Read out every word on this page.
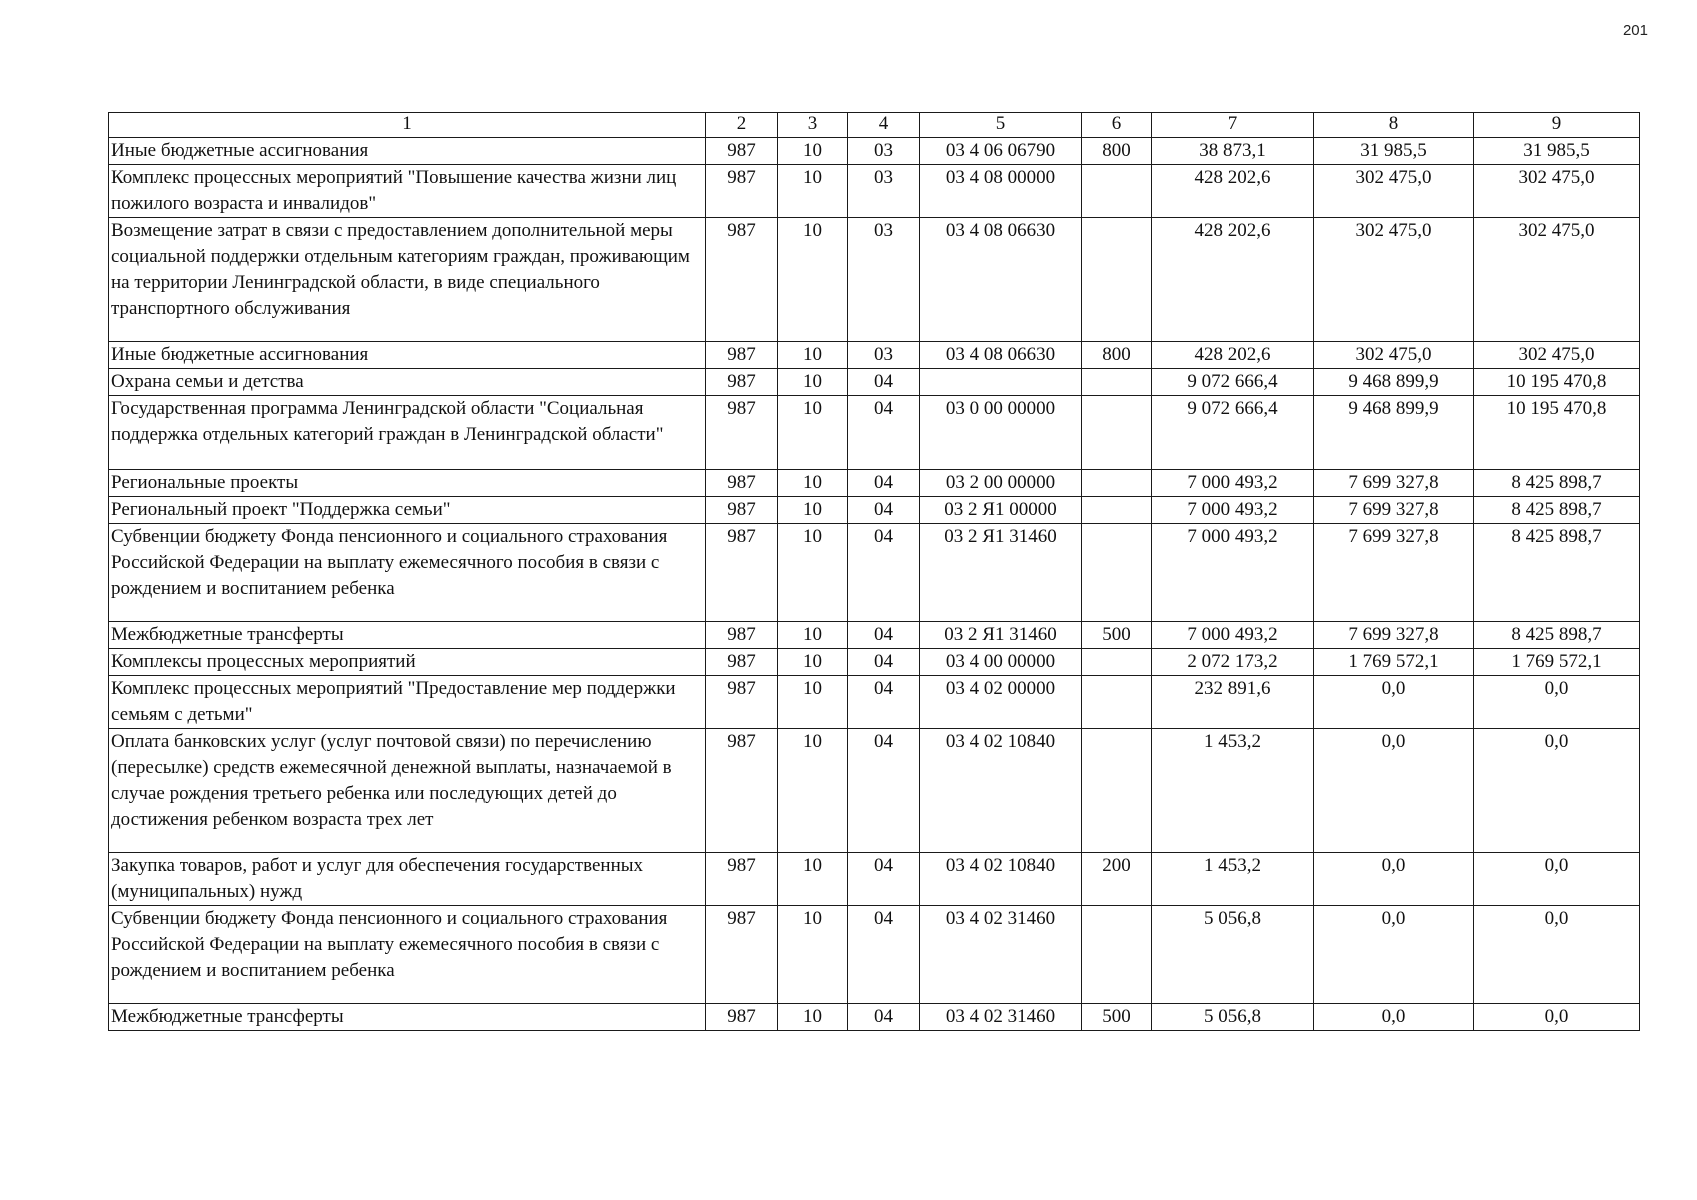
201
1	2	3	4	5	6	7	8	9
Иные бюджетные ассигнования	987	10	03	03 4 06 06790	800	38 873,1	31 985,5	31 985,5
Комплекс процессных мероприятий "Повышение качества жизни лиц пожилого возраста и инвалидов"	987	10	03	03 4 08 00000		428 202,6	302 475,0	302 475,0
Возмещение затрат в связи с предоставлением дополнительной меры социальной поддержки отдельным категориям граждан, проживающим на территории Ленинградской области, в виде специального транспортного обслуживания	987	10	03	03 4 08 06630		428 202,6	302 475,0	302 475,0
Иные бюджетные ассигнования	987	10	03	03 4 08 06630	800	428 202,6	302 475,0	302 475,0
Охрана семьи и детства	987	10	04			9 072 666,4	9 468 899,9	10 195 470,8
Государственная программа Ленинградской области "Социальная поддержка отдельных категорий граждан в Ленинградской области"	987	10	04	03 0 00 00000		9 072 666,4	9 468 899,9	10 195 470,8
Региональные проекты	987	10	04	03 2 00 00000		7 000 493,2	7 699 327,8	8 425 898,7
Региональный проект "Поддержка семьи"	987	10	04	03 2 Я1 00000		7 000 493,2	7 699 327,8	8 425 898,7
Субвенции бюджету Фонда пенсионного и социального страхования Российской Федерации на выплату ежемесячного пособия в связи с рождением и воспитанием ребенка	987	10	04	03 2 Я1 31460		7 000 493,2	7 699 327,8	8 425 898,7
Межбюджетные трансферты	987	10	04	03 2 Я1 31460	500	7 000 493,2	7 699 327,8	8 425 898,7
Комплексы процессных мероприятий	987	10	04	03 4 00 00000		2 072 173,2	1 769 572,1	1 769 572,1
Комплекс процессных мероприятий "Предоставление мер поддержки семьям с детьми"	987	10	04	03 4 02 00000		232 891,6	0,0	0,0
Оплата банковских услуг (услуг почтовой связи) по перечислению (пересылке) средств ежемесячной денежной выплаты, назначаемой в случае рождения третьего ребенка или последующих детей до достижения ребенком возраста трех лет	987	10	04	03 4 02 10840		1 453,2	0,0	0,0
Закупка товаров, работ и услуг для обеспечения государственных (муниципальных) нужд	987	10	04	03 4 02 10840	200	1 453,2	0,0	0,0
Субвенции бюджету Фонда пенсионного и социального страхования Российской Федерации на выплату ежемесячного пособия в связи с рождением и воспитанием ребенка	987	10	04	03 4 02 31460		5 056,8	0,0	0,0
Межбюджетные трансферты	987	10	04	03 4 02 31460	500	5 056,8	0,0	0,0
